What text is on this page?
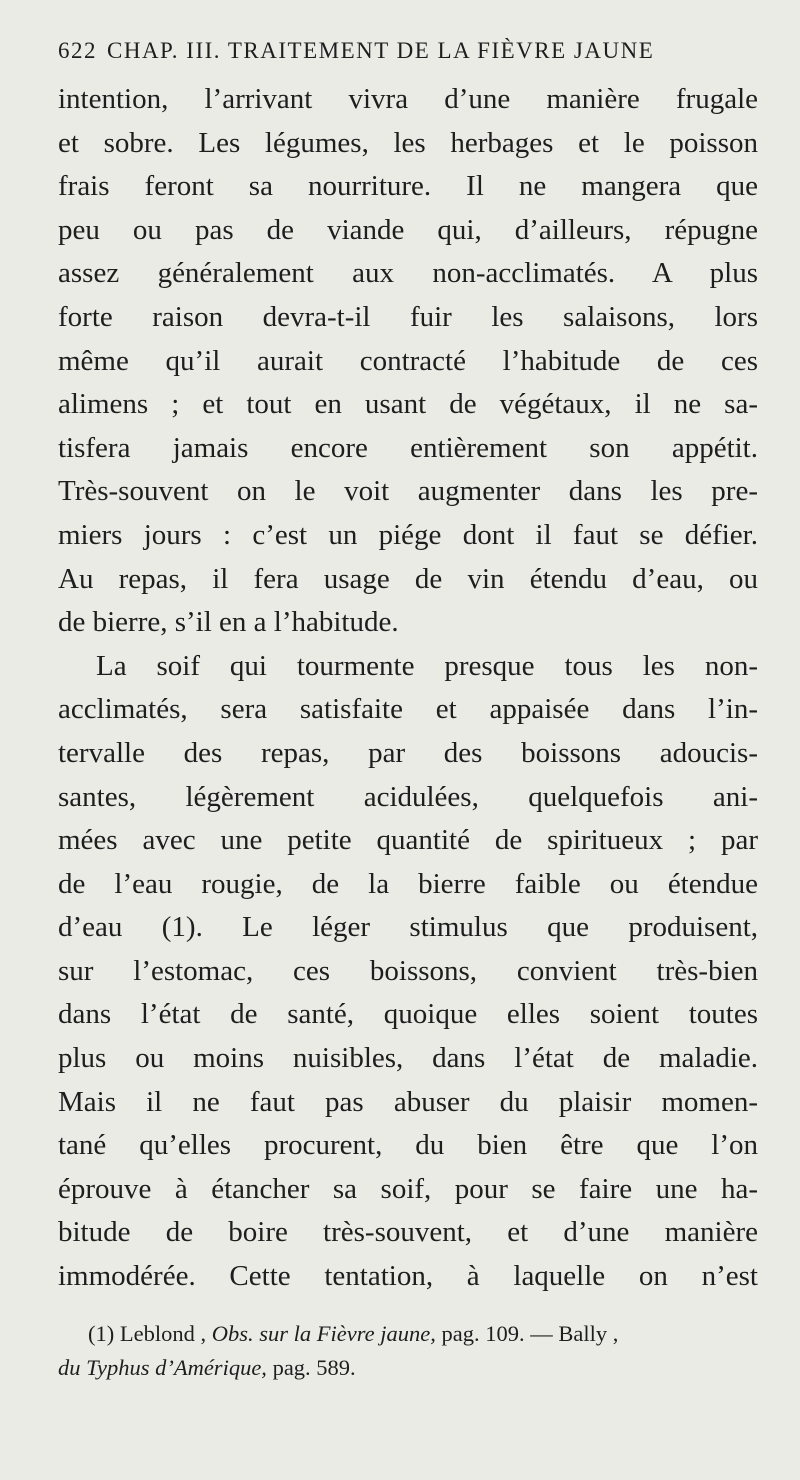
622 CHAP. III. TRAITEMENT DE LA FIÈVRE JAUNE
intention, l’arrivant vivra d’une manière frugale
et sobre. Les légumes, les herbages et le poisson
frais feront sa nourriture. Il ne mangera que
peu ou pas de viande qui, d’ailleurs, répugne
assez généralement aux non-acclimatés. A plus
forte raison devra-t-il fuir les salaisons, lors
même qu’il aurait contracté l’habitude de ces
alimens ; et tout en usant de végétaux, il ne sa-
tisfera jamais encore entièrement son appétit.
Très-souvent on le voit augmenter dans les pre-
miers jours : c’est un piége dont il faut se défier.
Au repas, il fera usage de vin étendu d’eau, ou
de bierre, s’il en a l’habitude.
La soif qui tourmente presque tous les non-
acclimatés, sera satisfaite et appaisée dans l’in-
tervalle des repas, par des boissons adoucis-
santes, légèrement acidulées, quelquefois ani-
mées avec une petite quantité de spiritueux ; par
de l’eau rougie, de la bierre faible ou étendue
d’eau (1). Le léger stimulus que produisent,
sur l’estomac, ces boissons, convient très-bien
dans l’état de santé, quoique elles soient toutes
plus ou moins nuisibles, dans l’état de maladie.
Mais il ne faut pas abuser du plaisir momen-
tané qu’elles procurent, du bien être que l’on
éprouve à étancher sa soif, pour se faire une ha-
bitude de boire très-souvent, et d’une manière
immodérée. Cette tentation, à laquelle on n’est
(1) Leblond , Obs. sur la Fièvre jaune, pag. 109. — Bally ,
du Typhus d’Amérique, pag. 589.
